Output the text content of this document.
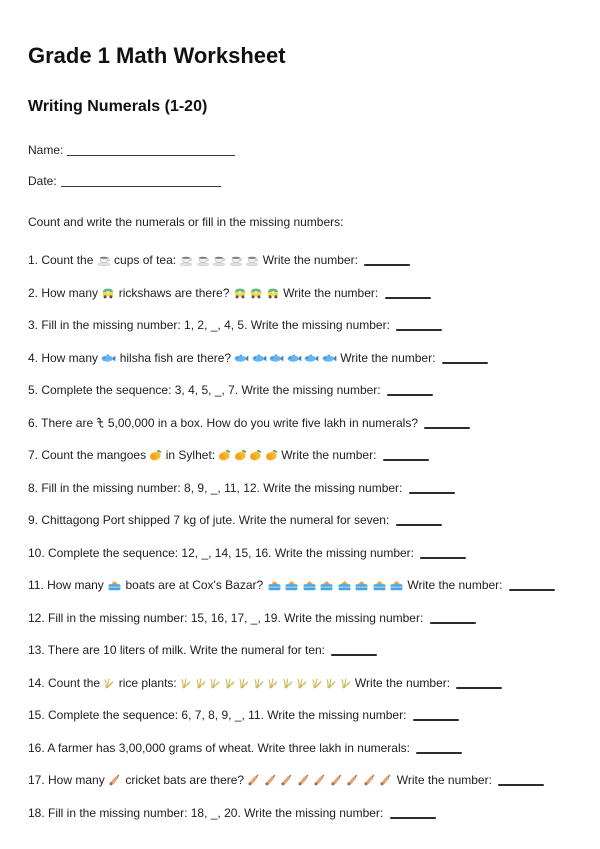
Grade 1 Math Worksheet
Writing Numerals (1-20)
Name:
Date:

Count and write the numerals or fill in the missing numbers:

1. Count the
cups of tea:	Write the number:
2. How many
rickshaws are there?	Write the number:
3. Fill in the missing number: 1, 2, _, 4, 5. Write the missing number:
4. How many
hilsha fish are there?	Write the number:
5. Complete the sequence: 3, 4, 5, _, 7. Write the missing number:
6. There are
5,00,000 in a box. How do you write five lakh in numerals?
7. Count the mangoes
in Sylhet:	Write the number:
8. Fill in the missing number: 8, 9, _, 11, 12. Write the missing number:
9. Chittagong Port shipped 7 kg of jute. Write the numeral for seven:
10. Complete the sequence: 12, _, 14, 15, 16. Write the missing number:
11. How many
boats are at Cox's Bazar?	Write the number:
12. Fill in the missing number: 15, 16, 17, _, 19. Write the missing number:
13. There are 10 liters of milk. Write the numeral for ten:
14. Count the
rice plants:	Write the number:
15. Complete the sequence: 6, 7, 8, 9, _, 11. Write the missing number:
16. A farmer has 3,00,000 grams of wheat. Write three lakh in numerals:
17. How many
cricket bats are there?	Write the number:
18. Fill in the missing number: 18, _, 20. Write the missing number:
